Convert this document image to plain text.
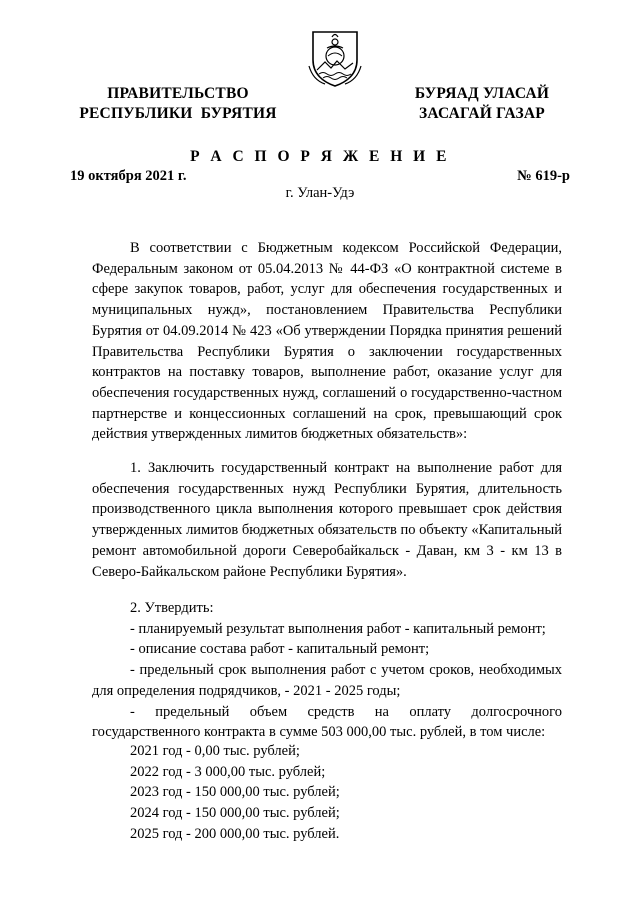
ПРАВИТЕЛЬСТВО
РЕСПУБЛИКИ  БУРЯТИЯ
БУРЯАД УЛАСАЙ
ЗАСАГАЙ ГАЗАР
Р А С П О Р Я Ж Е Н И Е
19 октября 2021 г.	№ 619-р
г. Улан-Удэ

В соответствии с Бюджетным кодексом Российской Федерации, Федеральным законом от 05.04.2013 № 44-ФЗ «О контрактной системе в сфере закупок товаров, работ, услуг для обеспечения государственных и муниципальных нужд», постановлением Правительства Республики Бурятия от 04.09.2014 № 423 «Об утверждении Порядка принятия решений Правительства Республики Бурятия о заключении государственных контрактов на поставку товаров, выполнение работ, оказание услуг для обеспечения государственных нужд, соглашений о государственно-частном партнерстве и концессионных соглашений на срок, превышающий срок действия утвержденных лимитов бюджетных обязательств»:

1. Заключить государственный контракт на выполнение работ для обеспечения государственных нужд Республики Бурятия, длительность производственного цикла выполнения которого превышает срок действия утвержденных лимитов бюджетных обязательств по объекту «Капитальный ремонт автомобильной дороги Северобайкальск - Даван, км 3 - км 13 в Северо-Байкальском районе Республики Бурятия».

2. Утвердить:

- планируемый результат выполнения работ - капитальный ремонт;

- описание состава работ - капитальный ремонт;

- предельный срок выполнения работ с учетом сроков, необходимых для определения подрядчиков, - 2021 - 2025 годы;

- предельный объем средств на оплату долгосрочного государственного контракта в сумме 503 000,00 тыс. рублей, в том числе:

2021 год - 0,00 тыс. рублей;
2022 год - 3 000,00 тыс. рублей;
2023 год - 150 000,00 тыс. рублей;
2024 год - 150 000,00 тыс. рублей;
2025 год - 200 000,00 тыс. рублей.
